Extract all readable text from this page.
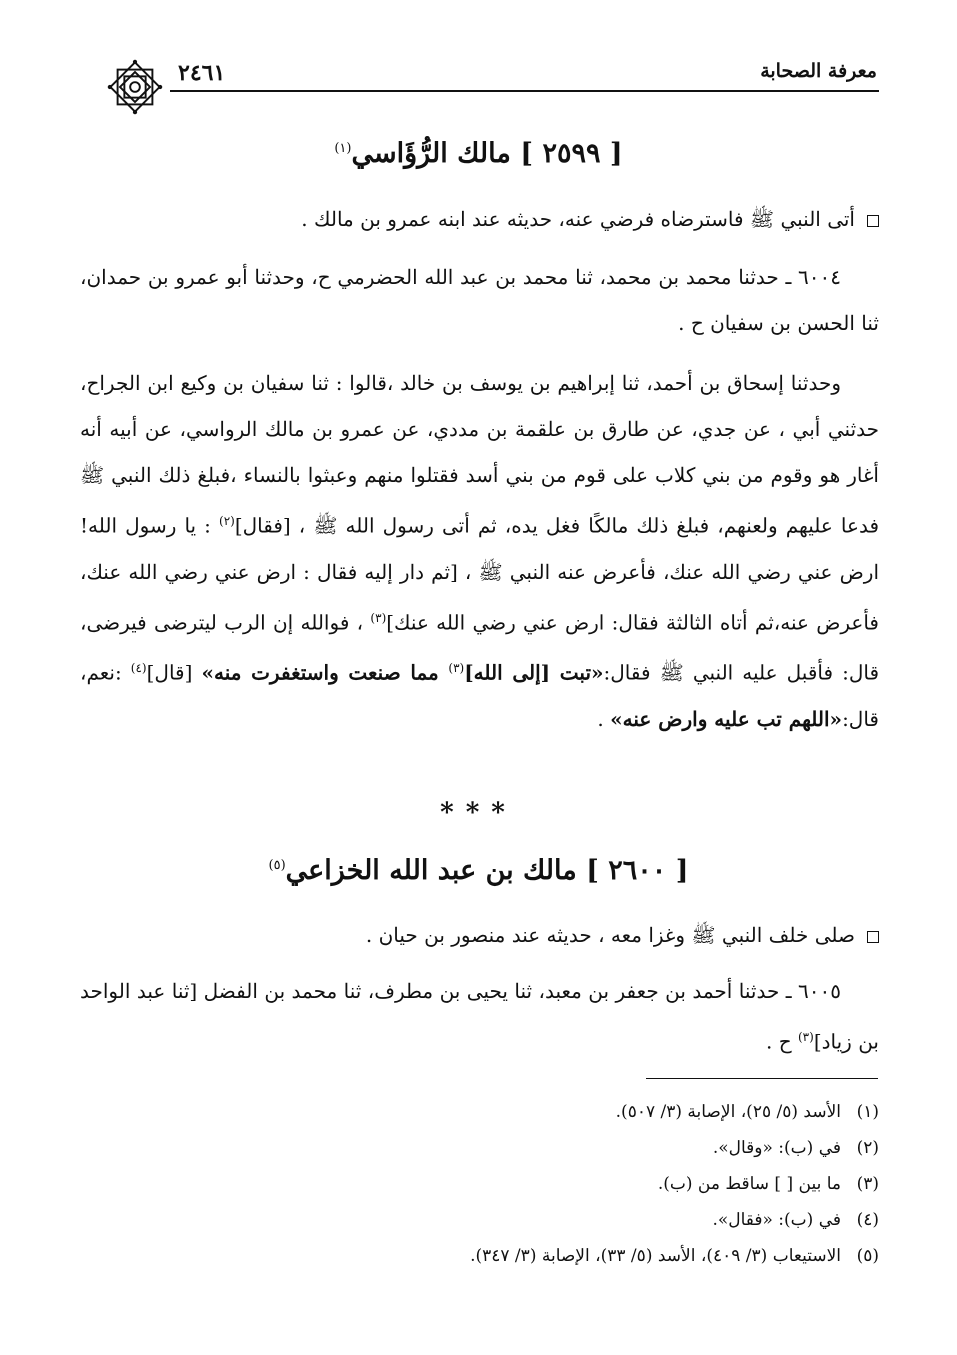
معرفة الصحابة
٢٤٦١
[ ٢٥٩٩ ] مالك الرُّؤَاسي$^{(١)}$
أتى النبي ﷺ فاسترضاه فرضي عنه، حديثه عند ابنه عمرو بن مالك .
٦٠٠٤ ـ حدثنا محمد بن محمد، ثنا محمد بن عبد الله الحضرمي ح، وحدثنا أبو عمرو بن حمدان، ثنا الحسن بن سفيان ح .
وحدثنا إسحاق بن أحمد، ثنا إبراهيم بن يوسف بن خالد ،قالوا : ثنا سفيان بن وكيع ابن الجراح، حدثني أبي ، عن جدي، عن طارق بن علقمة بن مددي، عن عمرو بن مالك الرواسي، عن أبيه أنه أغار هو وقوم من بني كلاب على قوم من بني أسد فقتلوا منهم وعبثوا بالنساء ،فبلغ ذلك النبي ﷺ فدعا عليهم ولعنهم، فبلغ ذلك مالكًا فغل يده، ثم أتى رسول الله ﷺ ، [فقال]$^{(٢)}$ : يا رسول الله! ارض عني رضي الله عنك، فأعرض عنه النبي ﷺ ، [ثم دار إليه فقال : ارض عني رضي الله عنك، فأعرض عنه،ثم أتاه الثالثة فقال: ارض عني رضي الله عنك]$^{(٣)}$ ، فوالله إن الرب ليترضى فيرضى، قال: فأقبل عليه النبي ﷺ فقال:«تبت [إلى الله]$^{(٣)}$ مما صنعت واستغفرت منه» [قال]$^{(٤)}$ :نعم، قال:«اللهم تب عليه وارض عنه» .
***
[ ٢٦٠٠ ] مالك بن عبد الله الخزاعي$^{(٥)}$
صلى خلف النبي ﷺ وغزا معه ، حديثه عند منصور بن حيان .
٦٠٠٥ ـ حدثنا أحمد بن جعفر بن معبد، ثنا يحيى بن مطرف، ثنا محمد بن الفضل [ثنا عبد الواحد بن زياد]$^{(٣)}$ ح .
(١)الأسد (٥/ ٢٥)، الإصابة (٣/ ٥٠٧).
(٢)في (ب): «وقال».
(٣)ما بين [ ] ساقط من (ب).
(٤)في (ب): «فقال».
(٥)الاستيعاب (٣/ ٤٠٩)، الأسد (٥/ ٣٣)، الإصابة (٣/ ٣٤٧).
